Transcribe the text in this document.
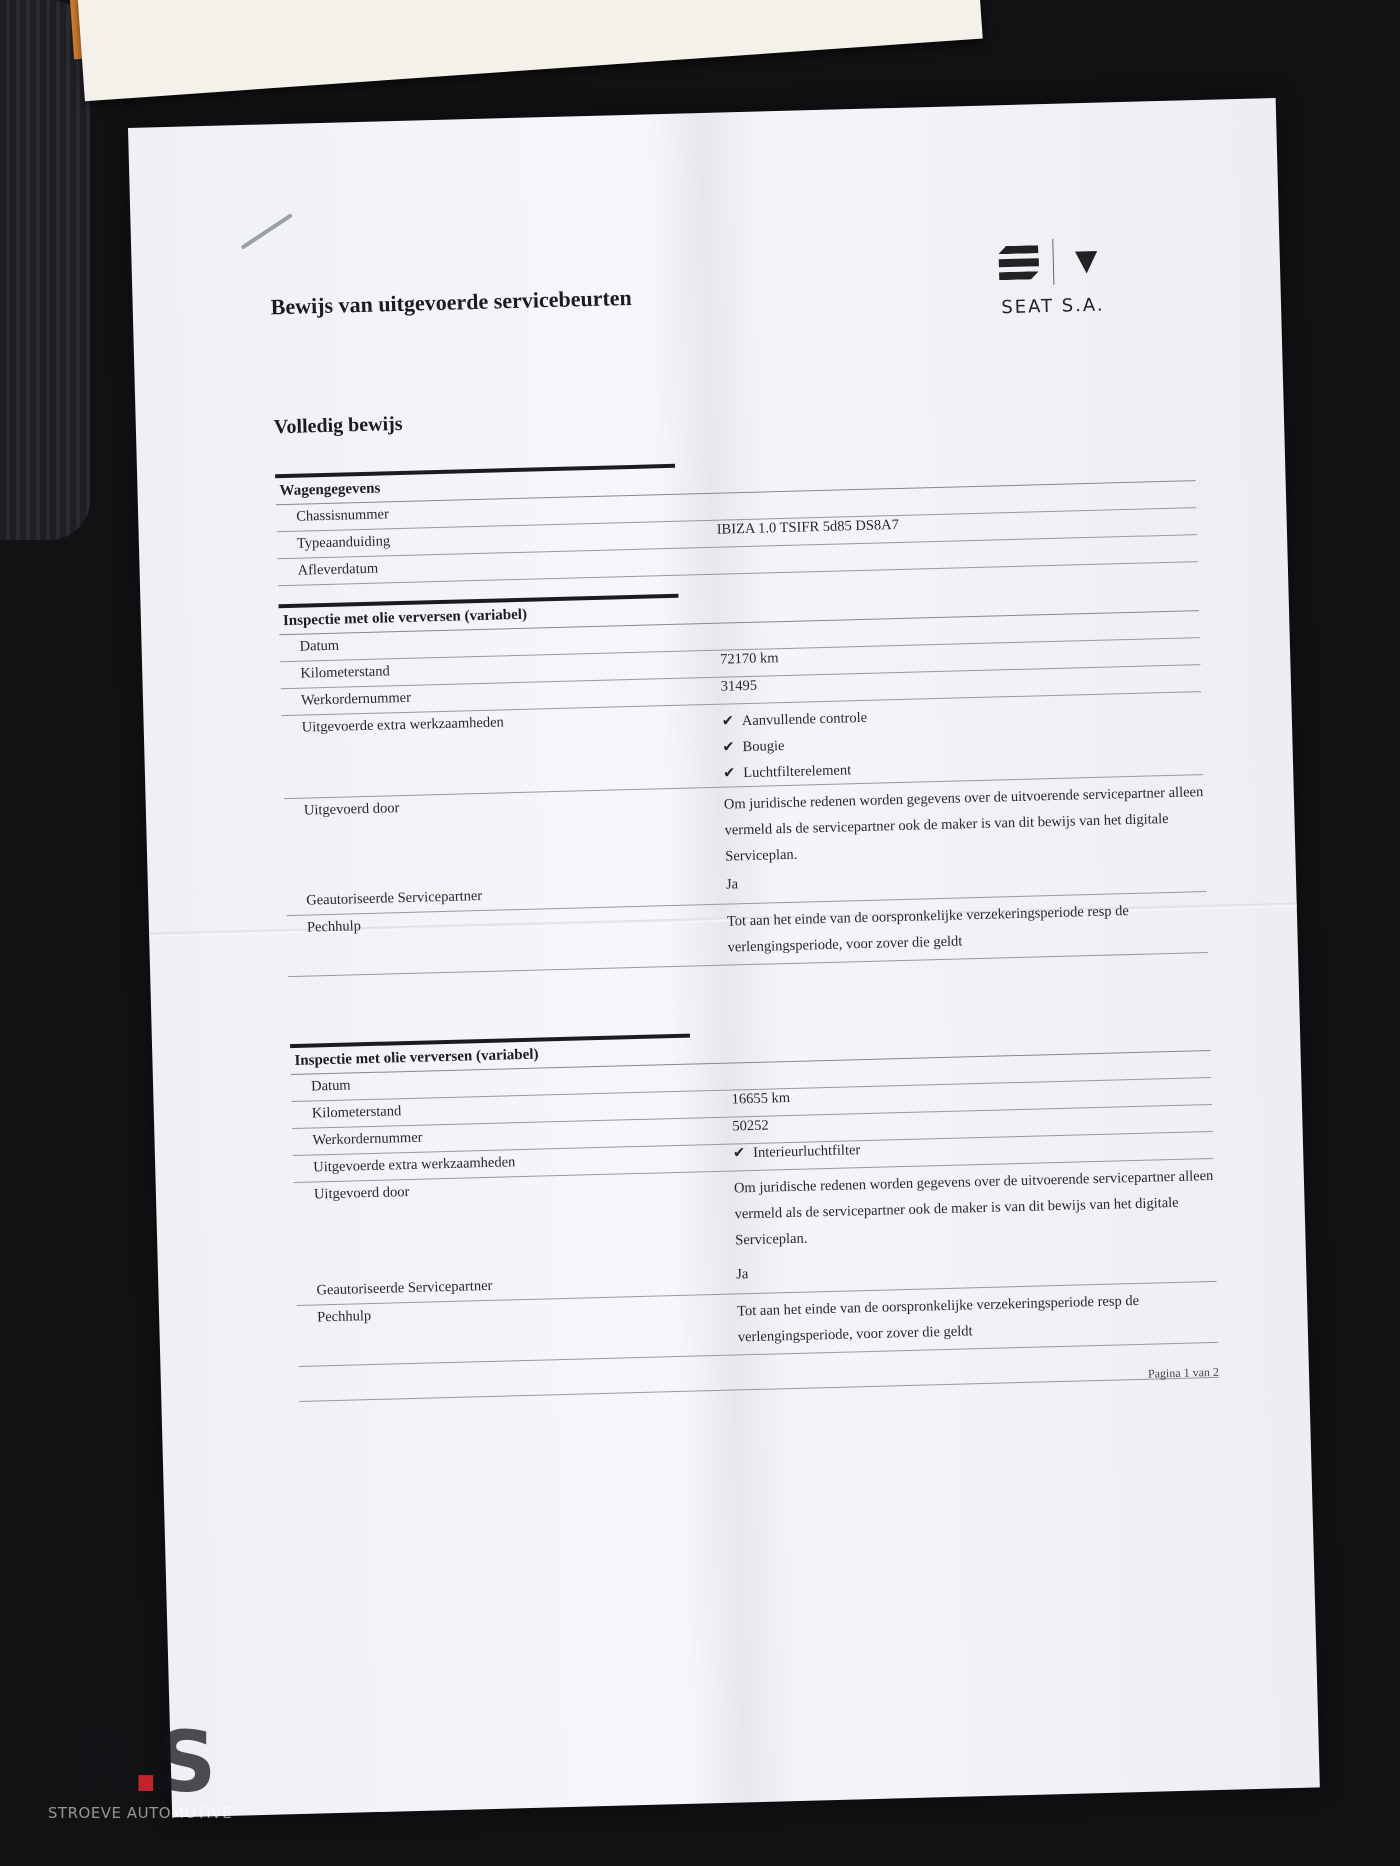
Bewijs van uitgevoerde servicebeurten
▼
SEAT S.A.
Volledig bewijs
Wagengegevens
Chassisnummer
Typeaanduiding
IBIZA 1.0 TSIFR 5d85 DS8A7
Afleverdatum
Inspectie met olie verversen (variabel)
Datum
Kilometerstand
72170 km
Werkordernummer
31495
Uitgevoerde extra werkzaamheden
✔	Aanvullende controle
✔ Bougie
✔ Luchtfilterelement
Uitgevoerd door	Om juridische redenen worden gegevens over de uitvoerende servicepartner alleen vermeld als de servicepartner ook de maker is van dit bewijs van het digitale Serviceplan.
Geautoriseerde Servicepartner
Ja
Pechhulp	Tot aan het einde van de oorspronkelijke verzekeringsperiode resp de verlengingsperiode, voor zover die geldt
Inspectie met olie verversen (variabel)
Datum
Kilometerstand
16655 km
Werkordernummer
50252
Uitgevoerde extra werkzaamheden
✔ Interieurluchtfilter
Uitgevoerd door	Om juridische redenen worden gegevens over de uitvoerende servicepartner alleen vermeld als de servicepartner ook de maker is van dit bewijs van het digitale Serviceplan.
Geautoriseerde Servicepartner
Ja
Pechhulp	Tot aan het einde van de oorspronkelijke verzekeringsperiode resp de verlengingsperiode, voor zover die geldt
Pagina 1 van 2
R.S
STROEVE AUTOMOTIVE
